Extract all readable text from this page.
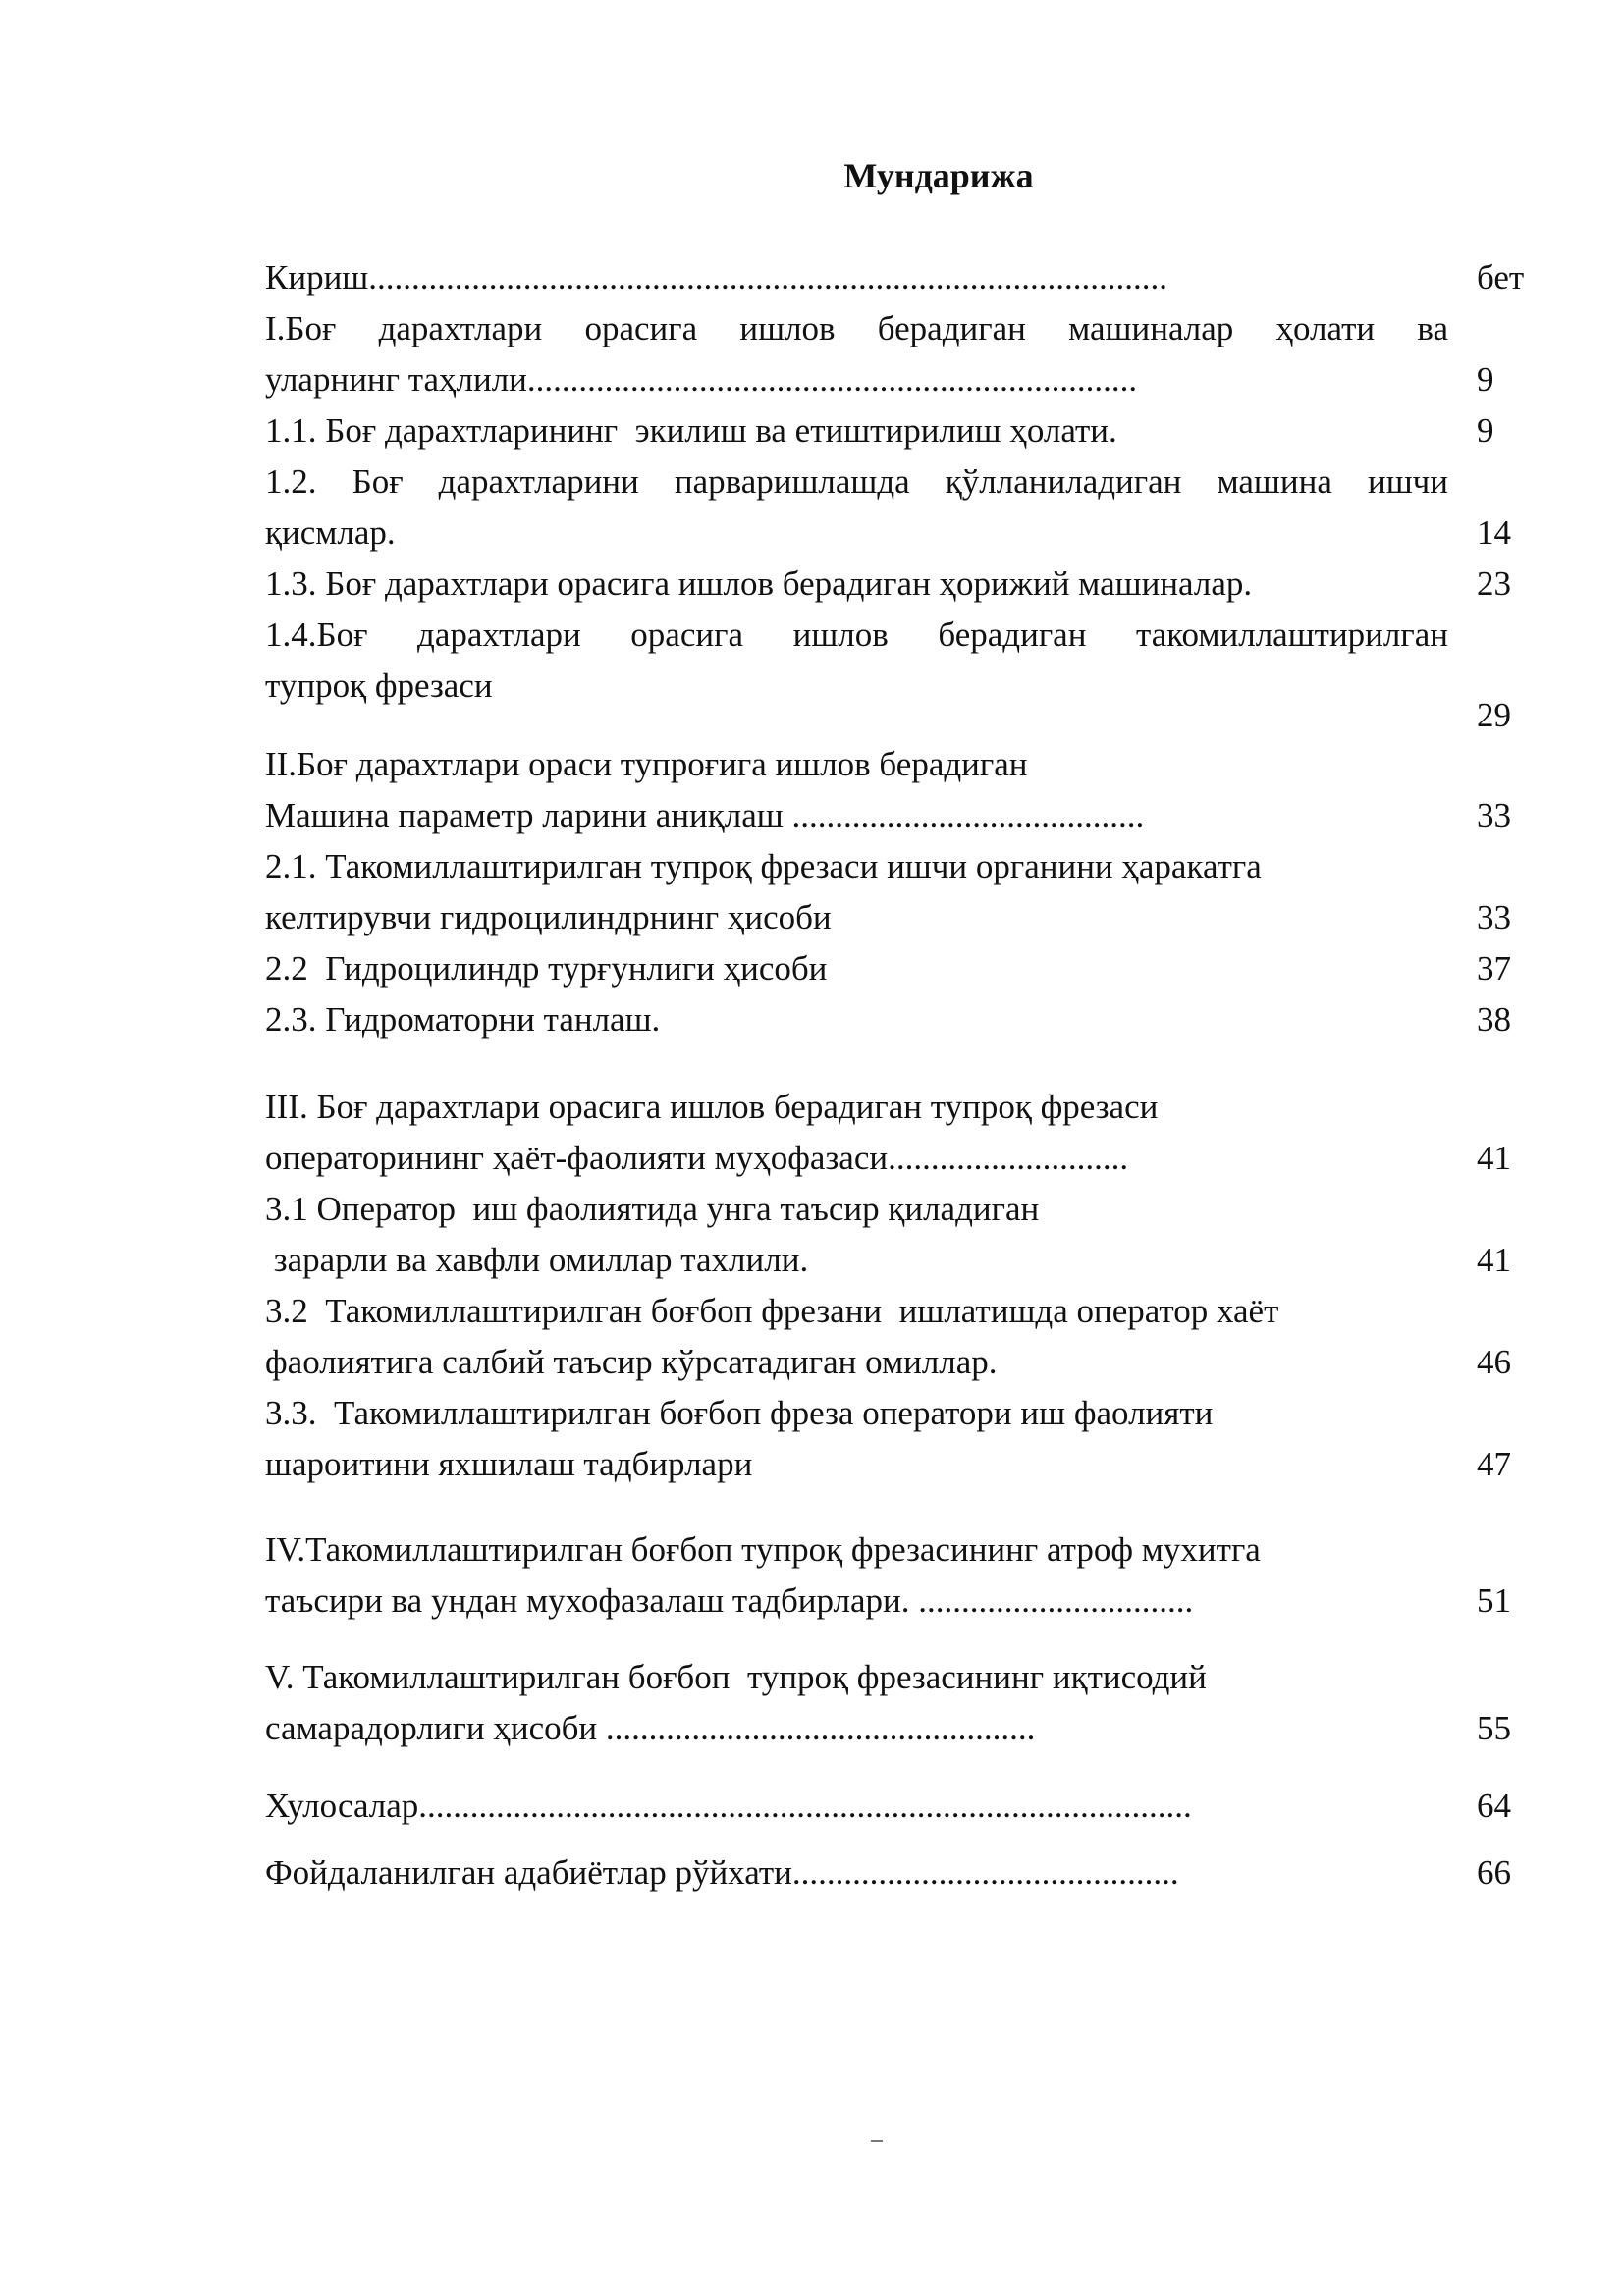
Мундарижа
Кириш.............................................................................................
I.Боғ дарахтлари орасига ишлов берадиган машиналар ҳолати ва
уларнинг таҳлили.......................................................................
1.1. Боғ дарахтларининг  экилиш ва етиштирилиш ҳолати.
1.2. Боғ дарахтларини парваришлашда қўлланиладиган машина ишчи
қисмлар.
1.3. Боғ дарахтлари орасига ишлов берадиган ҳорижий машиналар.
1.4.Боғ дарахтлари орасига ишлов берадиган такомиллаштирилган
тупроқ фрезаси
II.Боғ дарахтлари ораси тупроғига ишлов берадиган
Машина параметр ларини аниқлаш .........................................
2.1. Такомиллаштирилган тупроқ фрезаси ишчи органини ҳаракатга
келтирувчи гидроцилиндрнинг ҳисоби
2.2  Гидроцилиндр турғунлиги ҳисоби
2.3. Гидроматорни танлаш.
III. Боғ дарахтлари орасига ишлов берадиган тупроқ фрезаси
операторининг ҳаёт-фаолияти муҳофазаси............................
3.1 Оператор  иш фаолиятида унга таъсир қиладиган
зарарли ва хавфли омиллар тахлили.
3.2  Такомиллаштирилган боғбоп фрезани  ишлатишда оператор хаёт
фаолиятига салбий таъсир кўрсатадиган омиллар.
3.3.  Такомиллаштирилган боғбоп фреза оператори иш фаолияти
шароитини яхшилаш тадбирлари
IV.Такомиллаштирилган боғбоп тупроқ фрезасининг атроф мухитга
таъсири ва ундан мухофазалаш тадбирлари. ................................
V. Такомиллаштирилган боғбоп  тупроқ фрезасининг иқтисодий
самарадорлиги ҳисоби ..................................................
Хулосалар..........................................................................................
Фойдаланилган адабиётлар рўйхати.............................................
бет
9
9
14
23
29
33
33
37
38
41
41
46
47
51
55
64
66
